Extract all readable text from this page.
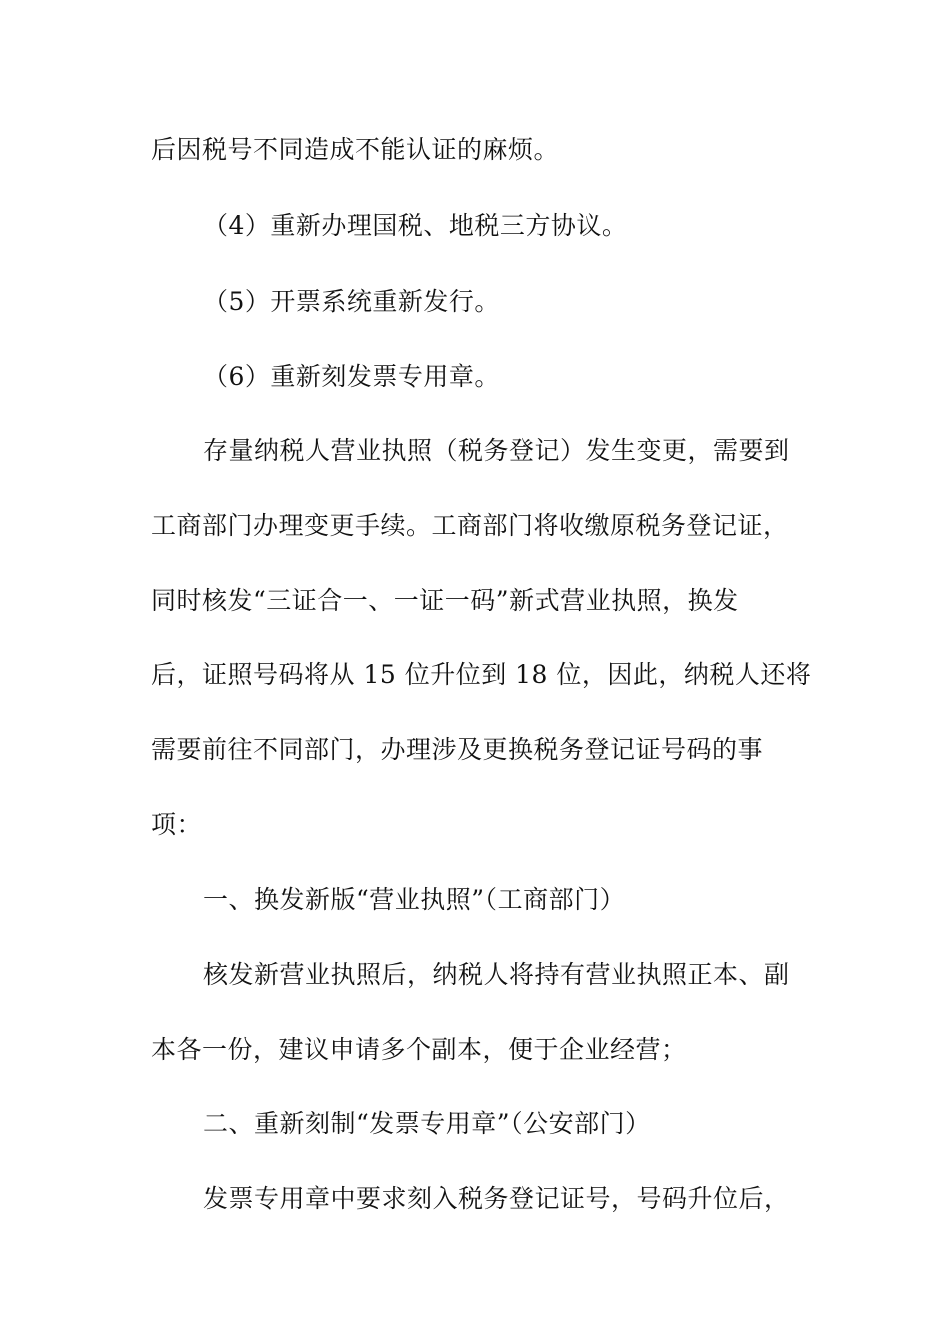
后因税号不同造成不能认证的麻烦。
（4）重新办理国税、地税三方协议。
（5）开票系统重新发行。
（6）重新刻发票专用章。
存量纳税人营业执照（税务登记）发生变更，需要到
工商部门办理变更手续。工商部门将收缴原税务登记证，
同时核发“三证合一、一证一码”新式营业执照，换发
后，证照号码将从 15 位升位到 18 位，因此，纳税人还将
需要前往不同部门，办理涉及更换税务登记证号码的事
项：
一、换发新版“营业执照”（工商部门）
核发新营业执照后，纳税人将持有营业执照正本、副
本各一份，建议申请多个副本，便于企业经营；
二、重新刻制“发票专用章”（公安部门）
发票专用章中要求刻入税务登记证号，号码升位后，
